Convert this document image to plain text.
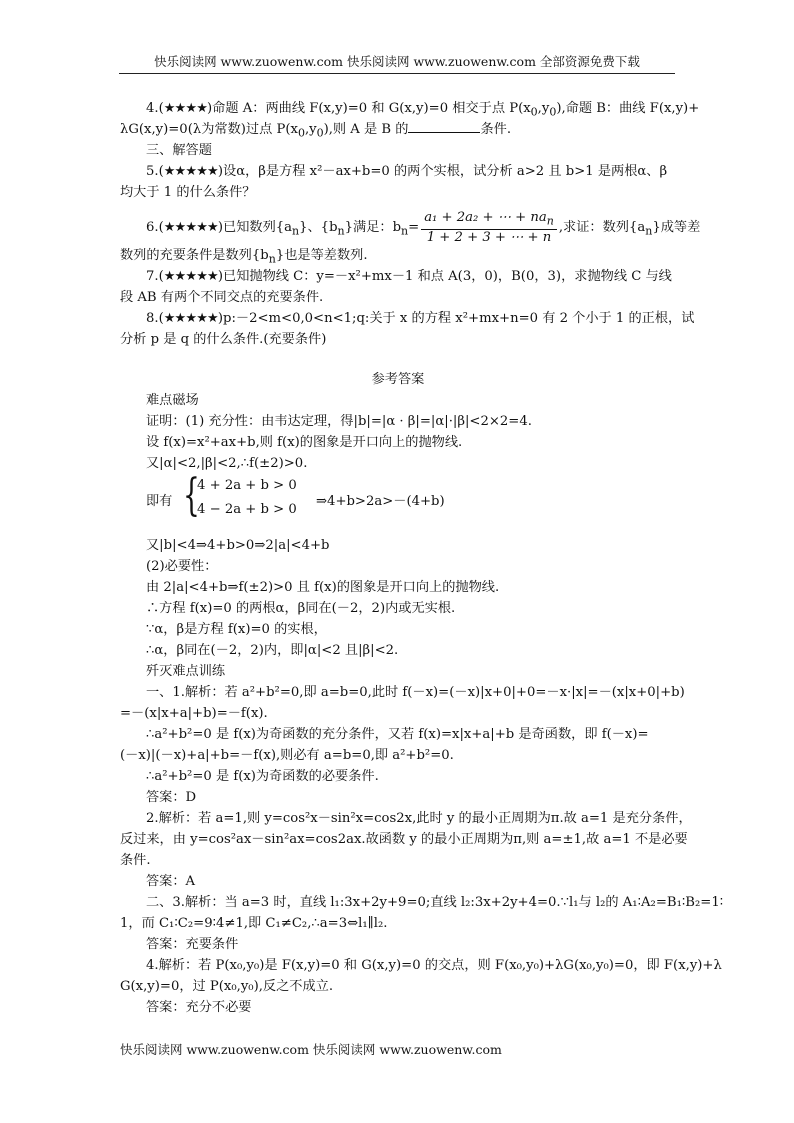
快乐阅读网 www.zuowenw.com 快乐阅读网 www.zuowenw.com 全部资源免费下载
4.(★★★★)命题 A：两曲线 F(x,y)=0 和 G(x,y)=0 相交于点 $P(x_0,y_0)$,命题 B：曲线 F(x,y)+
λG(x,y)=0(λ为常数)过点 $P(x_0,y_0)$,则 A 是 B 的	条件.
三、解答题
5.(★★★★★)设α，β是方程 x²－ax+b=0 的两个实根，试分析 a>2 且 b>1 是两根α、β
均大于 1 的什么条件？
6.(★★★★★)已知数列$\{a_n\}$、$\{b_n\}$满足：$b_n= \frac{a_1 + 2a_2 + \cdots + na_n}{1 + 2 + 3 + \cdots + n}$ ,求证：数列$\{a_n\}$成等差
数列的充要条件是数列$\{b_n\}$也是等差数列.
7.(★★★★★)已知抛物线 C：y=－x²+mx－1 和点 A(3，0)，B(0，3)，求抛物线 C 与线
段 AB 有两个不同交点的充要条件.
8.(★★★★★)p:－2<m<0,0<n<1;q:关于 x 的方程 x²+mx+n=0 有 2 个小于 1 的正根，试
分析 p 是 q 的什么条件.(充要条件)
参考答案
难点磁场
证明：(1) 充分性：由韦达定理，得|b|=|α · β|=|α|·|β|<2×2=4.
设 f(x)=x²+ax+b,则 f(x)的图象是开口向上的抛物线.
又|α|<2,|β|<2,∴f(±2)>0.
即有 {
4 + 2a + b > 0
4 − 2a + b > 0
⇒4+b>2a>－(4+b)
又|b|<4⇒4+b>0⇒2|a|<4+b
(2)必要性：
由 2|a|<4+b⇒f(±2)>0 且 f(x)的图象是开口向上的抛物线.
∴方程 f(x)=0 的两根α，β同在(－2，2)内或无实根.
∵α，β是方程 f(x)=0 的实根，
∴α，β同在(－2，2)内，即|α|<2 且|β|<2.
歼灭难点训练
一、1.解析：若 a²+b²=0,即 a=b=0,此时 f(－x)=(－x)|x+0|+0=－x·|x|=－(x|x+0|+b)
=－(x|x+a|+b)=－f(x).
∴a²+b²=0 是 f(x)为奇函数的充分条件，又若 f(x)=x|x+a|+b 是奇函数，即 f(－x)=
(－x)|(－x)+a|+b=－f(x),则必有 a=b=0,即 a²+b²=0.
∴a²+b²=0 是 f(x)为奇函数的必要条件.
答案：D
2.解析：若 a=1,则 y=cos²x－sin²x=cos2x,此时 y 的最小正周期为π.故 a=1 是充分条件，
反过来，由 y=cos²ax－sin²ax=cos2ax.故函数 y 的最小正周期为π,则 a=±1,故 a=1 不是必要
条件.
答案：A
二、3.解析：当 a=3 时，直线 l₁:3x+2y+9=0;直线 l₂:3x+2y+4=0.∵l₁与 l₂的 A₁∶A₂=B₁∶B₂=1∶
1，而 C₁∶C₂=9∶4≠1,即 C₁≠C₂,∴a=3⇔l₁∥l₂.
答案：充要条件
4.解析：若 P(x₀,y₀)是 F(x,y)=0 和 G(x,y)=0 的交点，则 F(x₀,y₀)+λG(x₀,y₀)=0，即 F(x,y)+λ
G(x,y)=0，过 P(x₀,y₀),反之不成立.
答案：充分不必要
快乐阅读网 www.zuowenw.com 快乐阅读网 www.zuowenw.com
